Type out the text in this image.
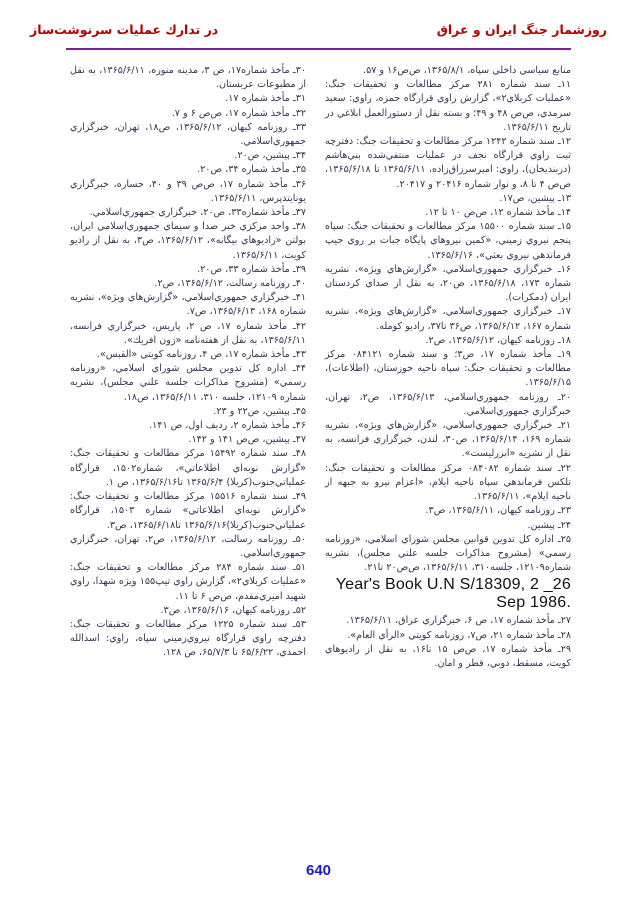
روزشمار جنگ ايران و عراق
در تدارك عمليات سرنوشت‌ساز

منابع سياسي داخلي سپاه، ١٣۶۵/٨/١، ص‌ص١۶ و ۵٧.

١١ـ سند شماره ٢٨١ مركز مطالعات و تحقيقات جنگ: «عمليات كربلاي٢»، گزارش راوي قرارگاه حمزه، راوي: سعيد سرمدي، ص‌ص ۴٨ و ۴٩؛ و بسته نقل از دستورالعمل ابلاغي در تاريخ ١٣۶۵/۶/١١.

١٢ـ سند شماره ١٢۴٢ مركز مطالعات و تحقيقات جنگ: دفترچه ثبت راوي قرارگاه نجف در عمليات منتفي‌شده بني‌هاشم (دربندیخان)، راوي: اميرسرزاق‌زاده، ١٣۶۵/۶/١١ تا ١٣۶۵/۶/١٨، ص‌ص ۴ تا ٨، و نوار شماره ٢٠۴١۶ و ٢٠۴١٧.

١٣ـ پيشين، ص١٧.

١۴ـ مأخذ شماره ١٢، ص‌ص ١٠ تا ١٢.

١۵ـ سند شماره ١۵۵٠٠ مركز مطالعات و تحقيقات جنگ: سپاه پنجم نيروي زميني، «كمين نيروهاي پايگاه جبات بر روي جيپ فرماندهي نيروي بعثي»، ١٣۶۵/۶/١۶.

١۶ـ خبرگزاري جمهوري‌اسلامي، «گزارش‌هاي ويژه»، نشريه شماره ١٧٣، ١٣۶۵/۶/١٨، ص٢٠، به نقل از صداي كردستان ايران (دمكرات).

١٧ـ خبرگزاري جمهوري‌اسلامي، «گزارش‌هاي ويژه»، نشريه شماره ١۶٧، ١٣۶۵/۶/١٢، ص٣۶ تا٣٧، راديو كومله.

١٨ـ روزنامه كيهان، ١٣۶۵/۶/١٢، ص٢.

١٩ـ مأخذ شماره ١٧، ص٣؛ و سند شماره ٠٨۴١٢١ مركز مطالعات و تحقيقات جنگ: سپاه ناحيه خوزستان، (اطلاعات)، ١٣۶۵/۶/١۵.

٢٠ـ روزنامه جمهوري‌اسلامي، ١٣۶۵/۶/١٣، ص٢، تهران، خبرگزاري جمهوري‌اسلامي.

٢١ـ خبرگزاري جمهوري‌اسلامي، «گزارش‌هاي ويژه»، نشريه شماره ١۶٩، ١٣۶۵/۶/١۴، ص٣٠، لندن، خبرگزاري فرانسه، به نقل از نشريه «ابزرلیست».

٢٢ـ سند شماره ٠٨۴٠٨٢ مركز مطالعات و تحقيقات جنگ: تلكس فرماندهي سپاه ناحيه ايلام، «اعزام نيرو به جبهه از ناحيه ايلام»، ١٣۶۵/۶/١١.

٢٣ـ روزنامه كيهان، ١٣۶۵/۶/١١، ص٣.

٢۴ـ پيشين.

٢۵ـ اداره كل تدوين قوانين مجلس شوراي اسلامي، «روزنامه رسمي» (مشروح مذاكرات جلسه علني مجلس)، نشريه شماره١٢١٠٩، جلسه٣١٠، ١٣۶۵/۶/١١، ص‌ص٢٠ تا٢١.

Year's Book U.N S/18309, 2 _26 Sep 1986.

٢٧ـ مأخذ شماره ١٧، ص ۶، خبرگزاري عراق، ١٣۶۵/۶/١١.

٢٨ـ مأخذ شماره ٢١، ص٧، روزنامه كويتي «الرأي العام».

٢٩ـ مأخذ شماره ١٧، ص‌ص ١۵ تا١۶، به نقل از راديوهاي كويت، مسقط، دوبي، قطر و امان.

٣٠ـ مأخذ شماره١٧، ص ٣، مدينه منوره، ١٣۶۵/۶/١١، به نقل از مطبوعات عربستان.

٣١ـ مأخذ شماره ١٧.

٣٢ـ مأخذ شماره ١٧، ص‌ص ۶ و ٧.

٣٣ـ روزنامه كيهان، ١٣۶۵/۶/١٢، ص١٨، تهران، خبرگزاري جمهوري‌اسلامي.

٣۴ـ پيشين، ص٢٠.

٣۵ـ مأخذ شماره ٣۴، ص٢٠.

٣۶ـ مأخذ شماره ١٧، ص‌ص ٣٩ و ۴٠، حساره، خبرگزاري يونايتدپرس، ١٣۶۵/۶/١١.

٣٧ـ مأخذ شماره٣٣، ص٢٠، خبرگزاري جمهوري‌اسلامي.

٣٨ـ واحد مركزي خبر صدا و سيماي جمهوري‌اسلامي ايران، بولتن «راديوهاي بيگانه»، ١٣۶۵/۶/١٢، ص٣، به نقل از راديو كويت، ١٣۶۵/۶/١١.

٣٩ـ مأخذ شماره ٣٣، ص٢٠.

۴٠ـ روزنامه رسالت، ١٣۶۵/۶/١٢، ص٢.

۴١ـ خبرگزاري جمهوري‌اسلامي، «گزارش‌هاي ويژه»، نشريه شماره ١۶٨، ١٣۶۵/۶/١٣، ص٧.

۴٢ـ مأخذ شماره ١٧، ص ٢، پاريس، خبرگزاري فرانسه، ١٣۶۵/۶/١١، به نقل از هفته‌نامه «ژون افريك».

۴٣ـ مأخذ شماره ١٧، ص ۴، روزنامه كويتي «القبس».

۴۴ـ اداره كل تدوين مجلس شوراي اسلامي، «روزنامه رسمي» (مشروح مذاكرات جلسه علني مجلس)، نشريه شماره ١٢١٠٩، جلسه ٣١٠، ١٣۶۵/۶/١١، ص١٨.

۴۵ـ پيشين، ص٢٢ و ٢٣.

۴۶ـ مأخذ شماره ٢، رديف اول، ص ١۴١.

۴٧ـ پيشين، ص‌ص ١۴١ و ١۴٢.

۴٨ـ سند شماره ١۵۴٩٢ مركز مطالعات و تحقيقات جنگ: «گزارش نوبه‌اي اطلاعاتي»، شماره١۵٠٢، قرارگاه عملياتي‌جنوب(كربلا) ١٣۶۵/۶/۴ تا١٣۶۵/۶/١۶، ص ١.

۴٩ـ سند شماره ١۵۵١۶ مركز مطالعات و تحقيقات جنگ: «گزارش نوبه‌اي اطلاعاتي» شماره ١۵٠٣، قرارگاه عملياتي‌جنوب(كربلا)١٣۶۵/۶/١۶ تا١٣۶۵/۶/١٨، ص٣.

۵٠ـ روزنامه رسالت، ١٣۶۵/۶/١٢، ص٢، تهران، خبرگزاري جمهوري‌اسلامي.

۵١ـ سند شماره ٢٨۴ مركز مطالعات و تحقيقات جنگ: «عمليات كربلاي٢»، گزارش راوي تيپ١۵۵ ويژه شهدا، راوي شهيد اميري‌مقدم، ص‌ص ۶ تا ١١.

۵٢ـ روزنامه كيهان، ١٣۶۵/۶/١۶، ص٣.

۵٣ـ سند شماره ١٢٢۵ مركز مطالعات و تحقيقات جنگ: دفترچه راوي قرارگاه نيروي‌زميني سپاه، راوي: اسدالله احمدي، ۶۵/۶/٢٢ تا ۶۵/٧/٣، ص ١٢٨.

640
